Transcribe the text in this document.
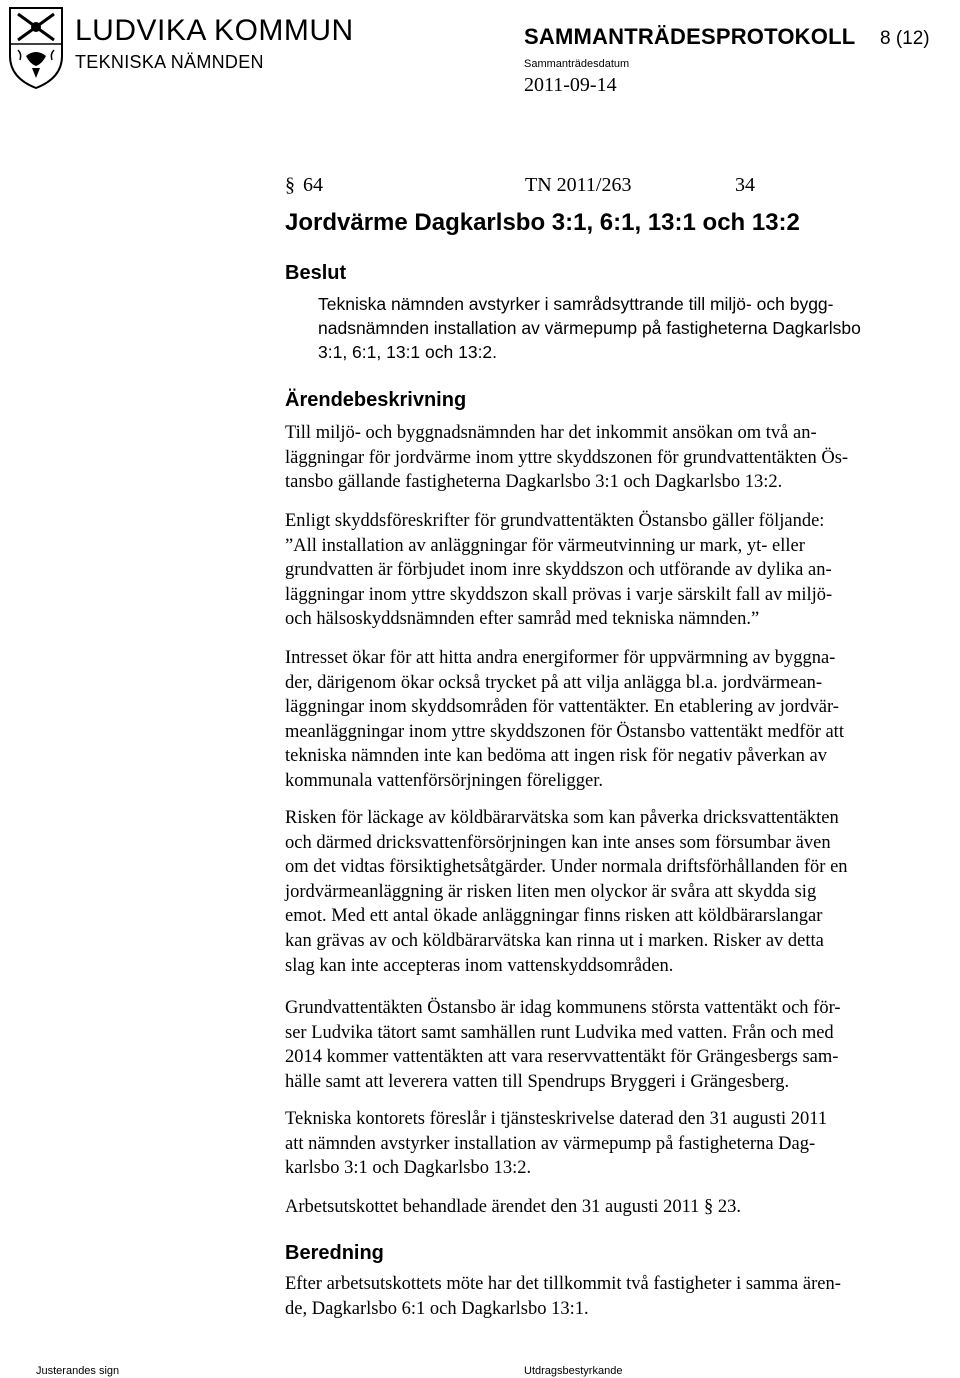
LUDVIKA KOMMUN
TEKNISKA NÄMNDEN
SAMMANTRÄDESPROTOKOLL 8 (12)
Sammanträdesdatum
2011-09-14
§ 64	TN 2011/263	34
Jordvärme Dagkarlsbo 3:1, 6:1, 13:1 och 13:2
Beslut
Tekniska nämnden avstyrker i samrådsyttrande till miljö- och bygg-
nadsnämnden installation av värmepump på fastigheterna Dagkarlsbo
3:1, 6:1, 13:1 och 13:2.
Ärendebeskrivning
Till miljö- och byggnadsnämnden har det inkommit ansökan om två an-
läggningar för jordvärme inom yttre skyddszonen för grundvattentäkten Ös-
tansbo gällande fastigheterna Dagkarlsbo 3:1 och Dagkarlsbo 13:2.
Enligt skyddsföreskrifter för grundvattentäkten Östansbo gäller följande:
”All installation av anläggningar för värmeutvinning ur mark, yt- eller
grundvatten är förbjudet inom inre skyddszon och utförande av dylika an-
läggningar inom yttre skyddszon skall prövas i varje särskilt fall av miljö-
och hälsoskyddsnämnden efter samråd med tekniska nämnden.”
Intresset ökar för att hitta andra energiformer för uppvärmning av byggna-
der, därigenom ökar också trycket på att vilja anlägga bl.a. jordvärmean-
läggningar inom skyddsområden för vattentäkter. En etablering av jordvär-
meanläggningar inom yttre skyddszonen för Östansbo vattentäkt medför att
tekniska nämnden inte kan bedöma att ingen risk för negativ påverkan av
kommunala vattenförsörjningen föreligger.
Risken för läckage av köldbärarvätska som kan påverka dricksvattentäkten
och därmed dricksvattenförsörjningen kan inte anses som försumbar även
om det vidtas försiktighetsåtgärder. Under normala driftsförhållanden för en
jordvärmeanläggning är risken liten men olyckor är svåra att skydda sig
emot. Med ett antal ökade anläggningar finns risken att köldbärarslangar
kan grävas av och köldbärarvätska kan rinna ut i marken. Risker av detta
slag kan inte accepteras inom vattenskyddsområden.
Grundvattentäkten Östansbo är idag kommunens största vattentäkt och för-
ser Ludvika tätort samt samhällen runt Ludvika med vatten. Från och med
2014 kommer vattentäkten att vara reservvattentäkt för Grängesbergs sam-
hälle samt att leverera vatten till Spendrups Bryggeri i Grängesberg.
Tekniska kontorets föreslår i tjänsteskrivelse daterad den 31 augusti 2011
att nämnden avstyrker installation av värmepump på fastigheterna Dag-
karlsbo 3:1 och Dagkarlsbo 13:2.
Arbetsutskottet behandlade ärendet den 31 augusti 2011 § 23.
Beredning
Efter arbetsutskottets möte har det tillkommit två fastigheter i samma ären-
de, Dagkarlsbo 6:1 och Dagkarlsbo 13:1.
Justerandes sign	Utdragsbestyrkande
